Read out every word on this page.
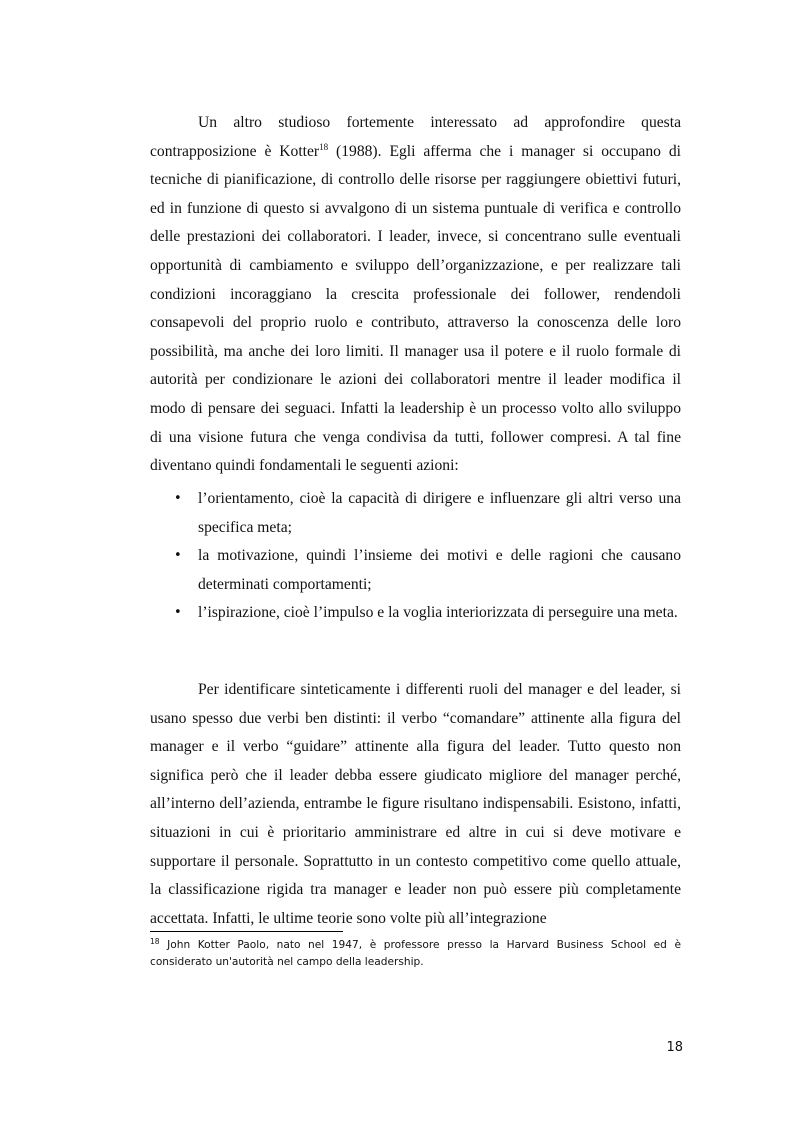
Un altro studioso fortemente interessato ad approfondire questa contrapposizione è Kotter$^{18}$ (1988). Egli afferma che i manager si occupano di tecniche di pianificazione, di controllo delle risorse per raggiungere obiettivi futuri, ed in funzione di questo si avvalgono di un sistema puntuale di verifica e controllo delle prestazioni dei collaboratori. I leader, invece, si concentrano sulle eventuali opportunità di cambiamento e sviluppo dell’organizzazione, e per realizzare tali condizioni incoraggiano la crescita professionale dei follower, rendendoli consapevoli del proprio ruolo e contributo, attraverso la conoscenza delle loro possibilità, ma anche dei loro limiti. Il manager usa il potere e il ruolo formale di autorità per condizionare le azioni dei collaboratori mentre il leader modifica il modo di pensare dei seguaci. Infatti la leadership è un processo volto allo sviluppo di una visione futura che venga condivisa da tutti, follower compresi. A tal fine diventano quindi fondamentali le seguenti azioni:

• l’orientamento, cioè la capacità di dirigere e influenzare gli altri verso una specifica meta;
• la motivazione, quindi l’insieme dei motivi e delle ragioni che causano determinati comportamenti;
• l’ispirazione, cioè l’impulso e la voglia interiorizzata di perseguire una meta.

Per identificare sinteticamente i differenti ruoli del manager e del leader, si usano spesso due verbi ben distinti: il verbo “comandare” attinente alla figura del manager e il verbo “guidare” attinente alla figura del leader. Tutto questo non significa però che il leader debba essere giudicato migliore del manager perché, all’interno dell’azienda, entrambe le figure risultano indispensabili. Esistono, infatti, situazioni in cui è prioritario amministrare ed altre in cui si deve motivare e supportare il personale. Soprattutto in un contesto competitivo come quello attuale, la classificazione rigida tra manager e leader non può essere più completamente accettata. Infatti, le ultime teorie sono volte più all’integrazione

$^{18}$ John Kotter Paolo, nato nel 1947, è professore presso la Harvard Business School ed è considerato un'autorità nel campo della leadership.
18
